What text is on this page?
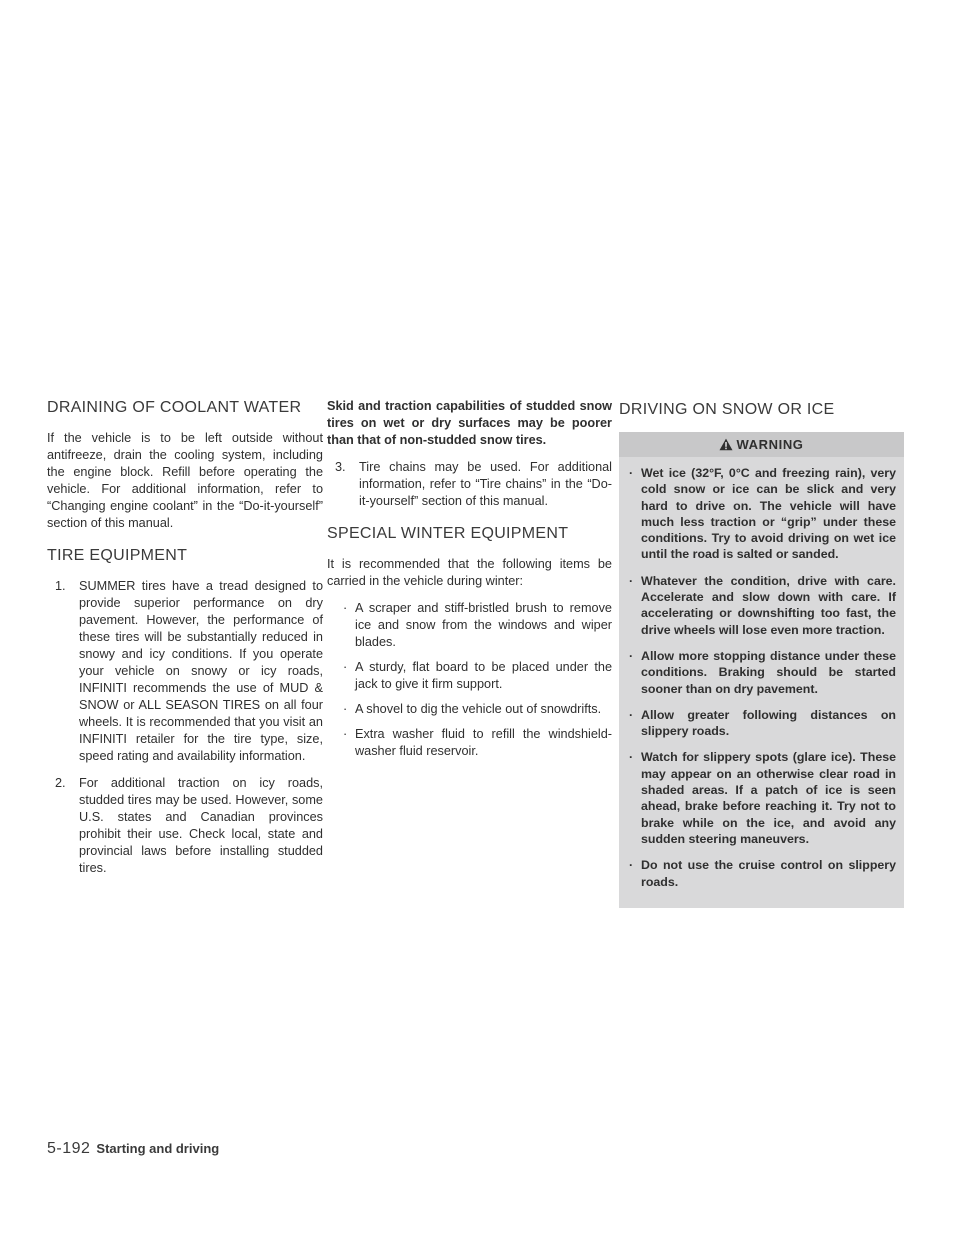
DRAINING OF COOLANT WATER

If the vehicle is to be left outside without antifreeze, drain the cooling system, including the engine block. Refill before operating the vehicle. For additional information, refer to “Changing engine coolant” in the “Do-it-yourself” section of this manual.

TIRE EQUIPMENT
1. SUMMER tires have a tread designed to provide superior performance on dry pavement. However, the performance of these tires will be substantially reduced in snowy and icy conditions. If you operate your vehicle on snowy or icy roads, INFINITI recommends the use of MUD & SNOW or ALL SEASON TIRES on all four wheels. It is recommended that you visit an INFINITI retailer for the tire type, size, speed rating and availability information.
2. For additional traction on icy roads, studded tires may be used. However, some U.S. states and Canadian provinces prohibit their use. Check local, state and provincial laws before installing studded tires.

Skid and traction capabilities of studded snow tires on wet or dry surfaces may be poorer than that of non-studded snow tires.

3. Tire chains may be used. For additional information, refer to “Tire chains” in the “Do-it-yourself” section of this manual.
SPECIAL WINTER EQUIPMENT

It is recommended that the following items be carried in the vehicle during winter:

· A scraper and stiff-bristled brush to remove ice and snow from the windows and wiper blades.
· A sturdy, flat board to be placed under the jack to give it firm support.
· A shovel to dig the vehicle out of snowdrifts.
· Extra washer fluid to refill the windshield-washer fluid reservoir.
DRIVING ON SNOW OR ICE
WARNING
· Wet ice (32°F, 0°C and freezing rain), very cold snow or ice can be slick and very hard to drive on. The vehicle will have much less traction or “grip” under these conditions. Try to avoid driving on wet ice until the road is salted or sanded.
· Whatever the condition, drive with care. Accelerate and slow down with care. If accelerating or downshifting too fast, the drive wheels will lose even more traction.
· Allow more stopping distance under these conditions. Braking should be started sooner than on dry pavement.
· Allow greater following distances on slippery roads.
· Watch for slippery spots (glare ice). These may appear on an otherwise clear road in shaded areas. If a patch of ice is seen ahead, brake before reaching it. Try not to brake while on the ice, and avoid any sudden steering maneuvers.
· Do not use the cruise control on slippery roads.
5-192 Starting and driving
